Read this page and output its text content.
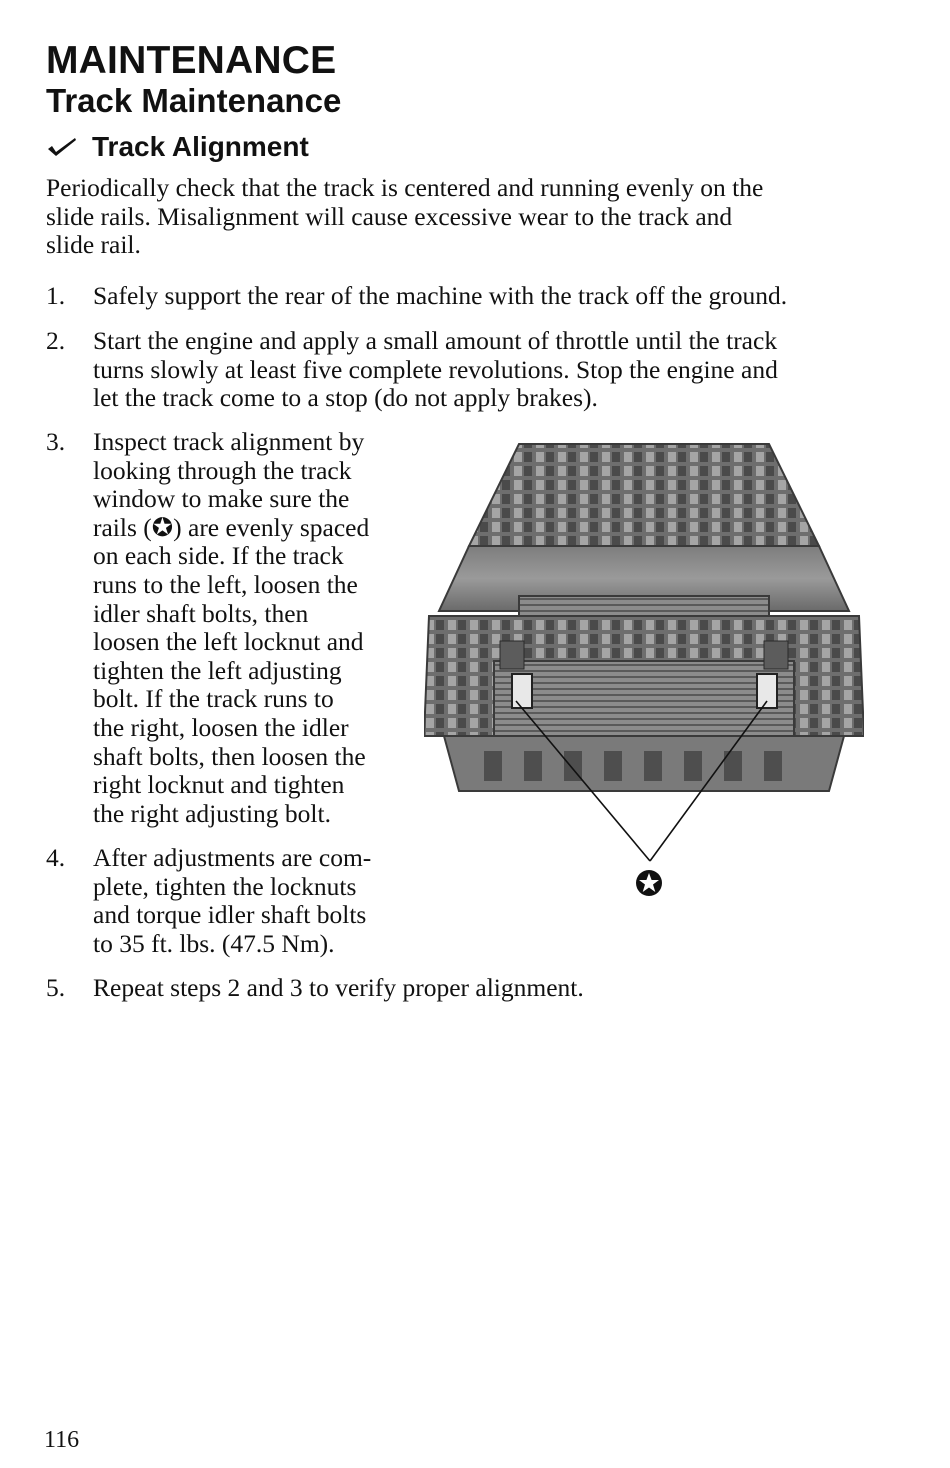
MAINTENANCE
Track Maintenance
Track Alignment
Periodically check that the track is centered and running evenly on the
slide rails. Misalignment will cause excessive wear to the track and
slide rail.
1.	Safely support the rear of the machine with the track off the ground.
2.	Start the engine and apply a small amount of throttle until the track
turns slowly at least five complete revolutions. Stop the engine and
let the track come to a stop (do not apply brakes).
3.	Inspect track alignment by
looking through the track
window to make sure the
rails (✪) are evenly spaced
on each side. If the track
runs to the left, loosen the
idler shaft bolts, then
loosen the left locknut and
tighten the left adjusting
bolt. If the track runs to
the right, loosen the idler
shaft bolts, then loosen the
right locknut and tighten
the right adjusting bolt.
4.	After adjustments are com-
plete, tighten the locknuts
and torque idler shaft bolts
to 35 ft. lbs. (47.5 Nm).
5.	Repeat steps 2 and 3 to verify proper alignment.
116
